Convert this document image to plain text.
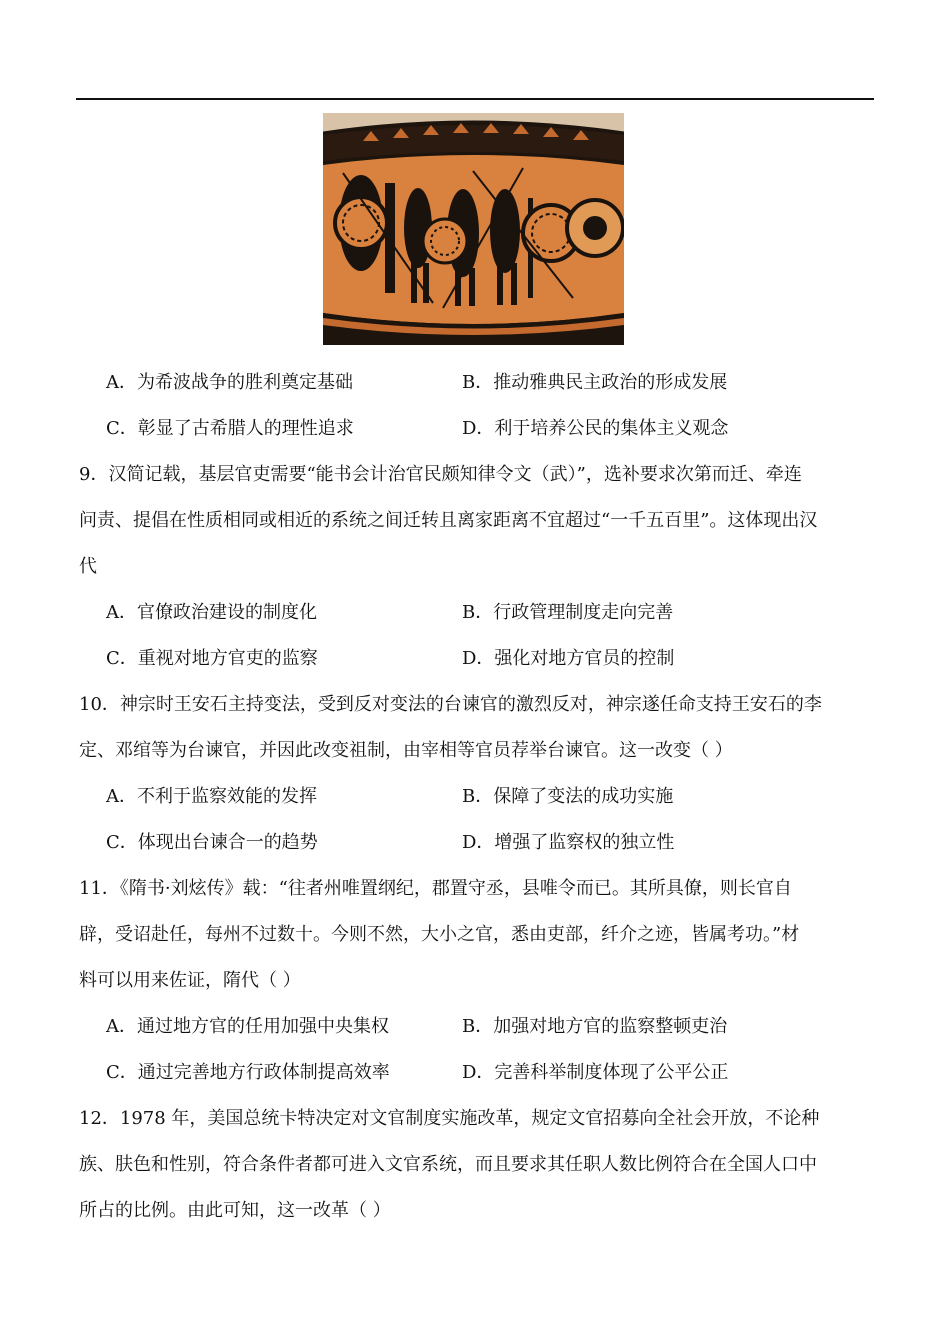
A．为希波战争的胜利奠定基础	B．推动雅典民主政治的形成发展
C．彰显了古希腊人的理性追求	D．利于培养公民的集体主义观念
9．汉简记载，基层官吏需要“能书会计治官民颇知律令文（武）”，选补要求次第而迁、牵连
问责、提倡在性质相同或相近的系统之间迁转且离家距离不宜超过“一千五百里”。这体现出汉
代
A．官僚政治建设的制度化	B．行政管理制度走向完善
C．重视对地方官吏的监察	D．强化对地方官员的控制
10．神宗时王安石主持变法，受到反对变法的台谏官的激烈反对，神宗遂任命支持王安石的李
定、邓绾等为台谏官，并因此改变祖制，由宰相等官员荐举台谏官。这一改变（ ）
A．不利于监察效能的发挥	B．保障了变法的成功实施
C．体现出台谏合一的趋势	D．增强了监察权的独立性
11．《隋书·刘炫传》载：“往者州唯置纲纪，郡置守丞，县唯令而已。其所具僚，则长官自
辟，受诏赴任，每州不过数十。今则不然，大小之官，悉由吏部，纤介之迹，皆属考功。”材
料可以用来佐证，隋代（ ）
A．通过地方官的任用加强中央集权	B．加强对地方官的监察整顿吏治
C．通过完善地方行政体制提高效率	D．完善科举制度体现了公平公正
12．1978 年，美国总统卡特决定对文官制度实施改革，规定文官招募向全社会开放，不论种
族、肤色和性别，符合条件者都可进入文官系统，而且要求其任职人数比例符合在全国人口中
所占的比例。由此可知，这一改革（ ）
